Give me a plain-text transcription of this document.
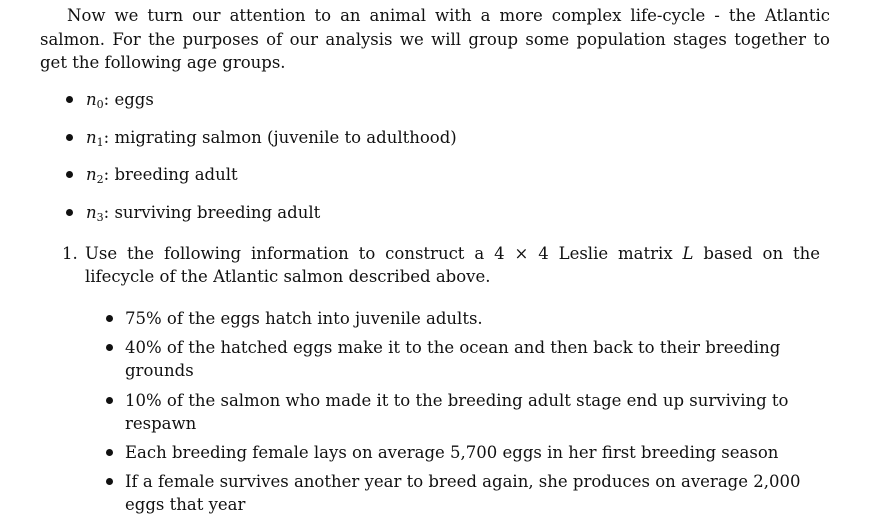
Now we turn our attention to an animal with a more complex life-cycle - the Atlantic salmon. For the purposes of our analysis we will group some population stages together to get the following age groups.
$n_0$: eggs
$n_1$: migrating salmon (juvenile to adulthood)
$n_2$: breeding adult
$n_3$: surviving breeding adult
1. Use the following information to construct a 4 × 4 Leslie matrix L based on the lifecycle of the Atlantic salmon described above.
75% of the eggs hatch into juvenile adults.
40% of the hatched eggs make it to the ocean and then back to their breeding grounds
10% of the salmon who made it to the breeding adult stage end up surviving to respawn
Each breeding female lays on average 5,700 eggs in her first breeding season
If a female survives another year to breed again, she produces on average 2,000 eggs that year
